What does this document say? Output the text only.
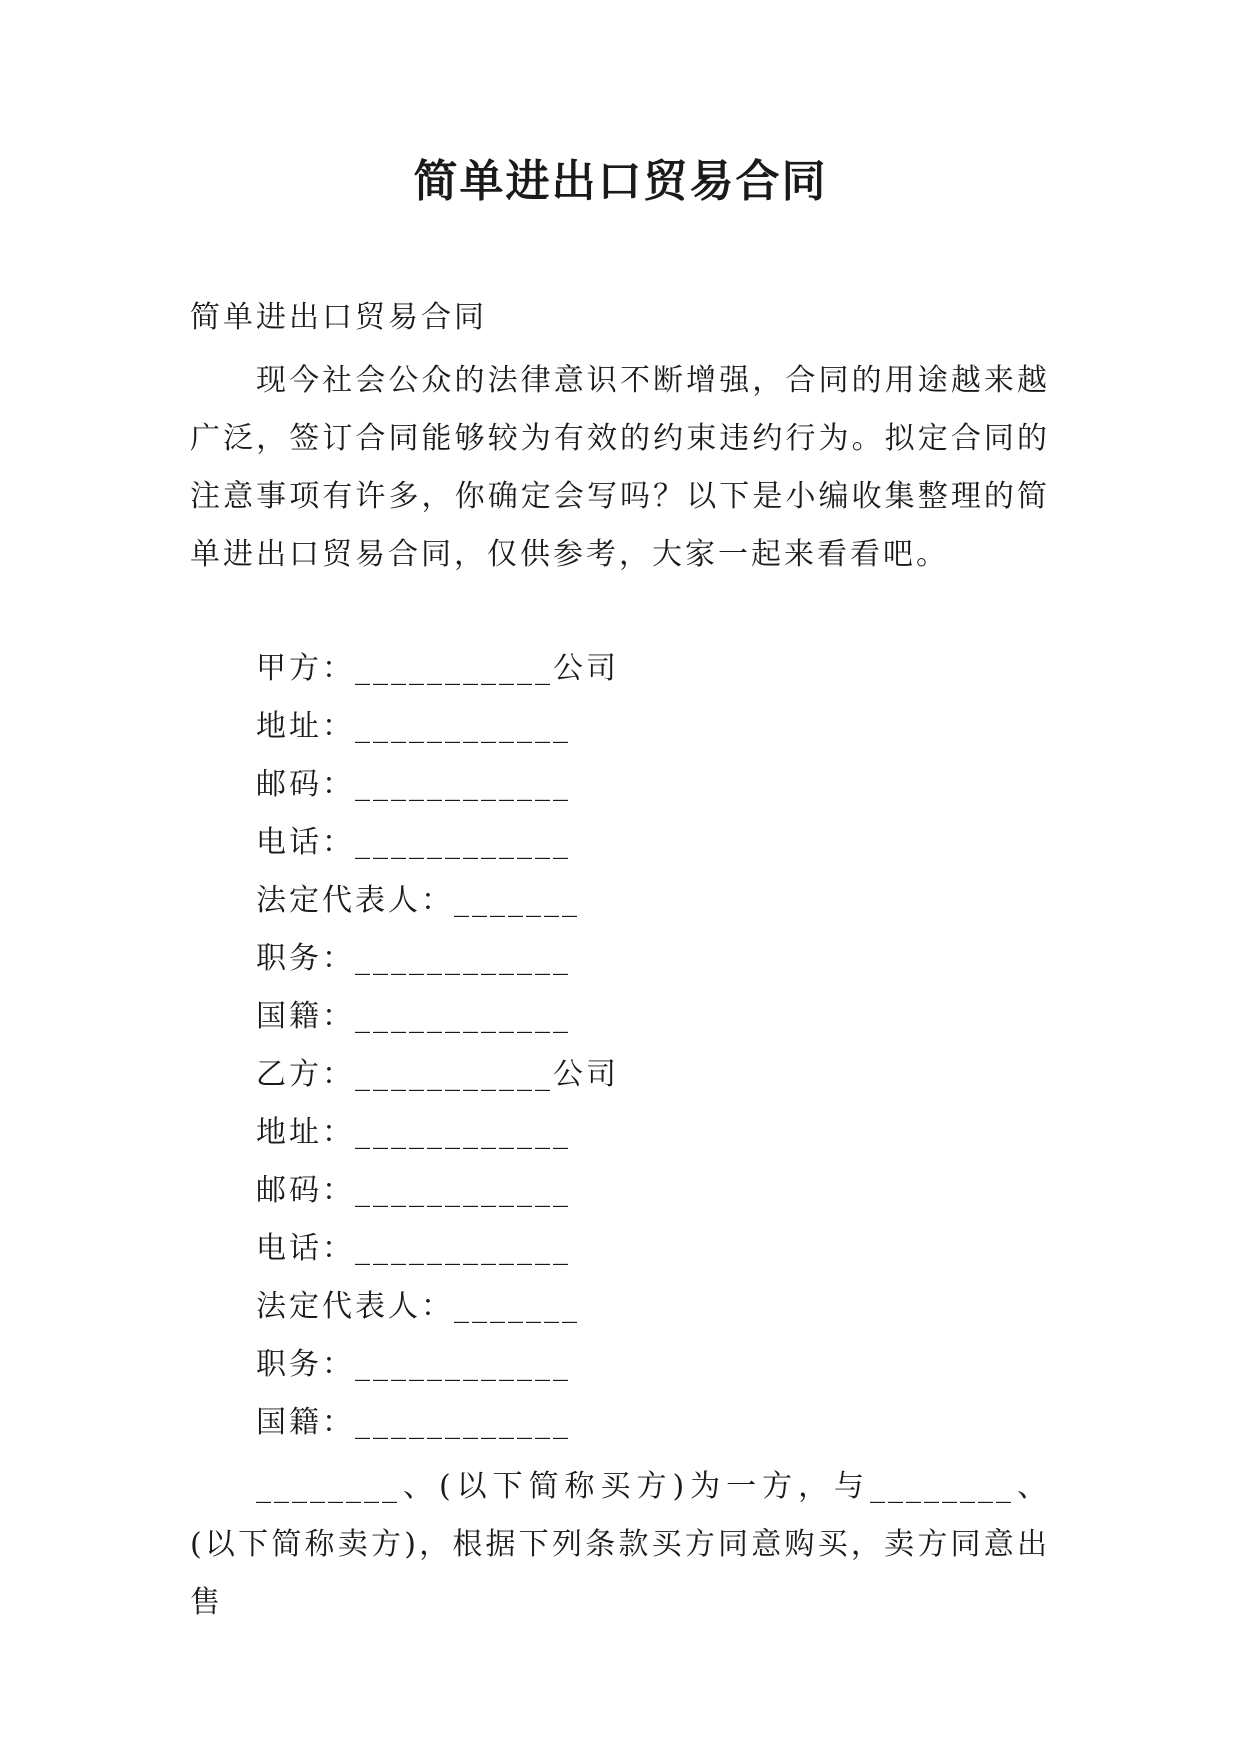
简单进出口贸易合同

简单进出口贸易合同

现今社会公众的法律意识不断增强，合同的用途越来越广泛，签订合同能够较为有效的约束违约行为。拟定合同的注意事项有许多，你确定会写吗？以下是小编收集整理的简单进出口贸易合同，仅供参考，大家一起来看看吧。

甲方：___________公司
地址：____________
邮码：____________
电话：____________
法定代表人：_______
职务：____________
国籍：____________
乙方：___________公司
地址：____________
邮码：____________
电话：____________
法定代表人：_______
职务：____________
国籍：____________

________、(以下简称买方)为一方，与________、(以下简称卖方)，根据下列条款买方同意购买，卖方同意出售
